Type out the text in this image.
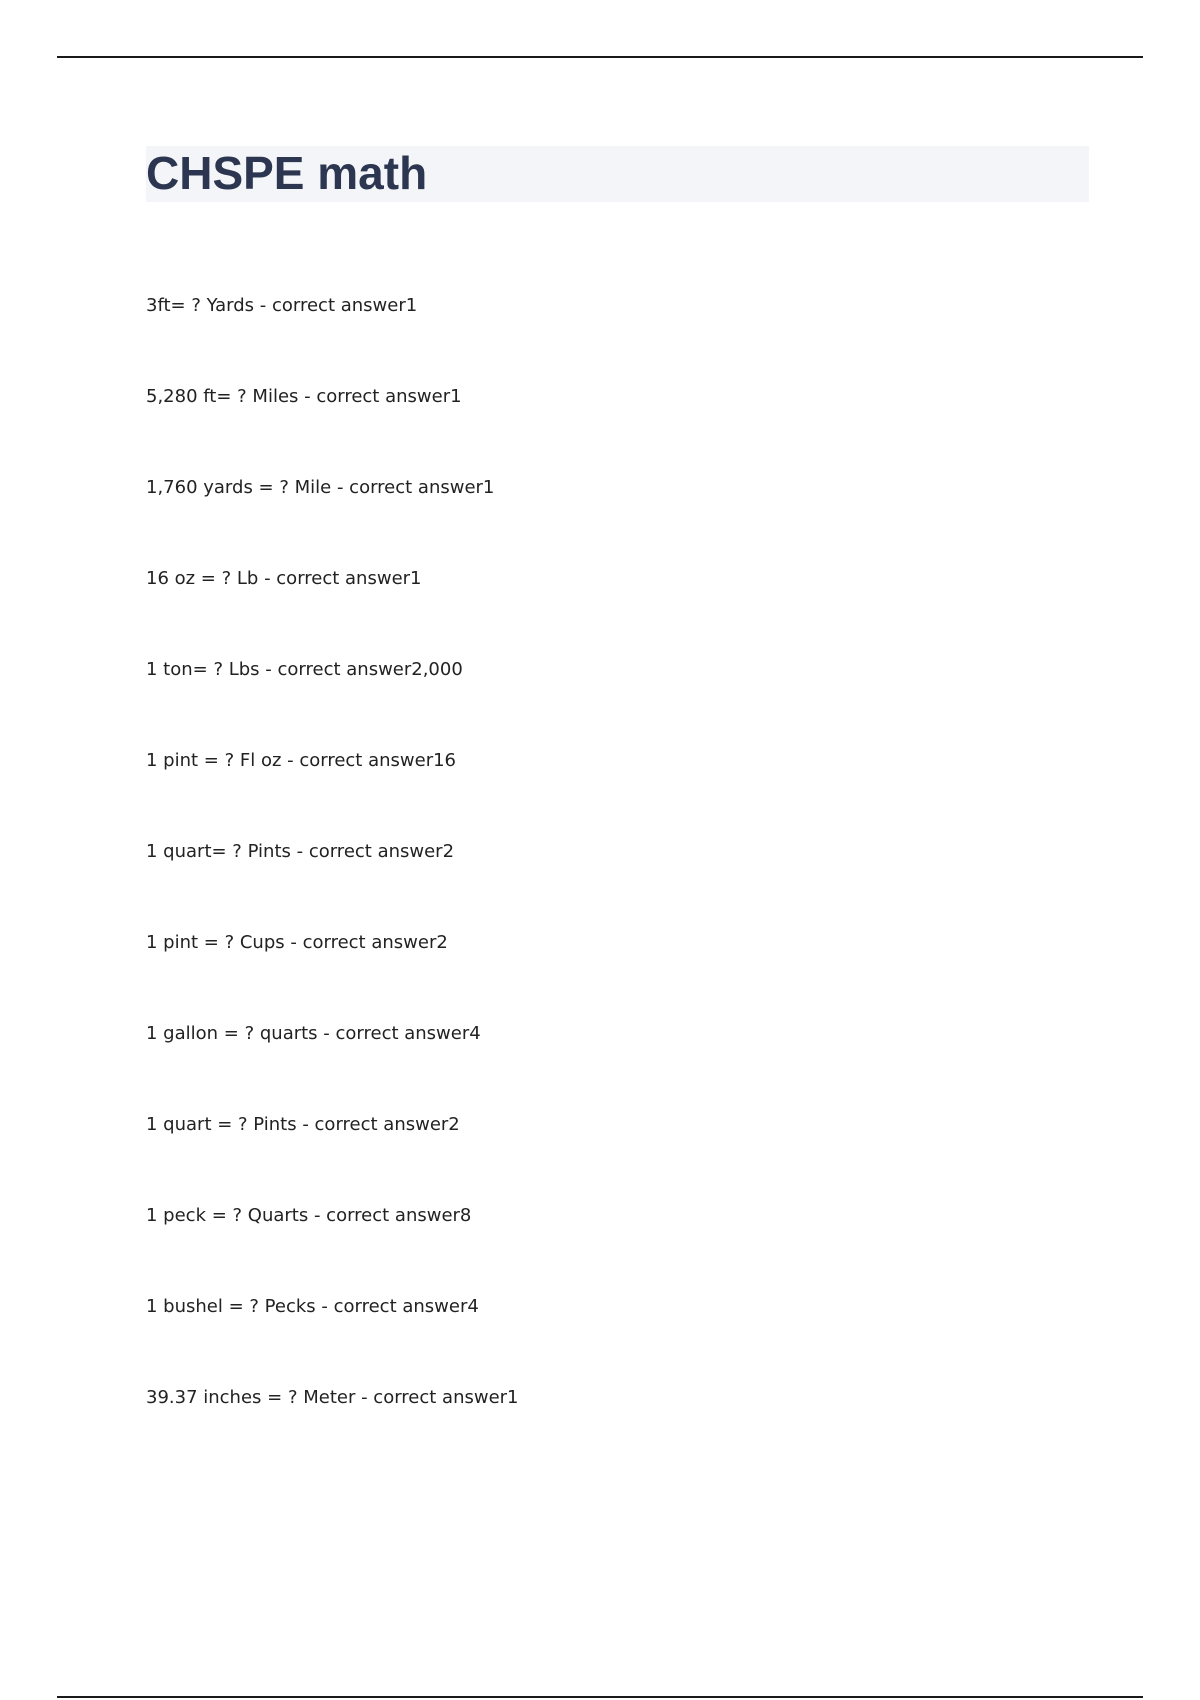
CHSPE math
3ft= ? Yards - correct answer1
5,280 ft= ? Miles - correct answer1
1,760 yards = ? Mile - correct answer1
16 oz = ? Lb - correct answer1
1 ton= ? Lbs - correct answer2,000
1 pint = ? Fl oz - correct answer16
1 quart= ? Pints - correct answer2
1 pint = ? Cups - correct answer2
1 gallon = ? quarts - correct answer4
1 quart = ? Pints - correct answer2
1 peck = ? Quarts - correct answer8
1 bushel = ? Pecks - correct answer4
39.37 inches = ? Meter - correct answer1
